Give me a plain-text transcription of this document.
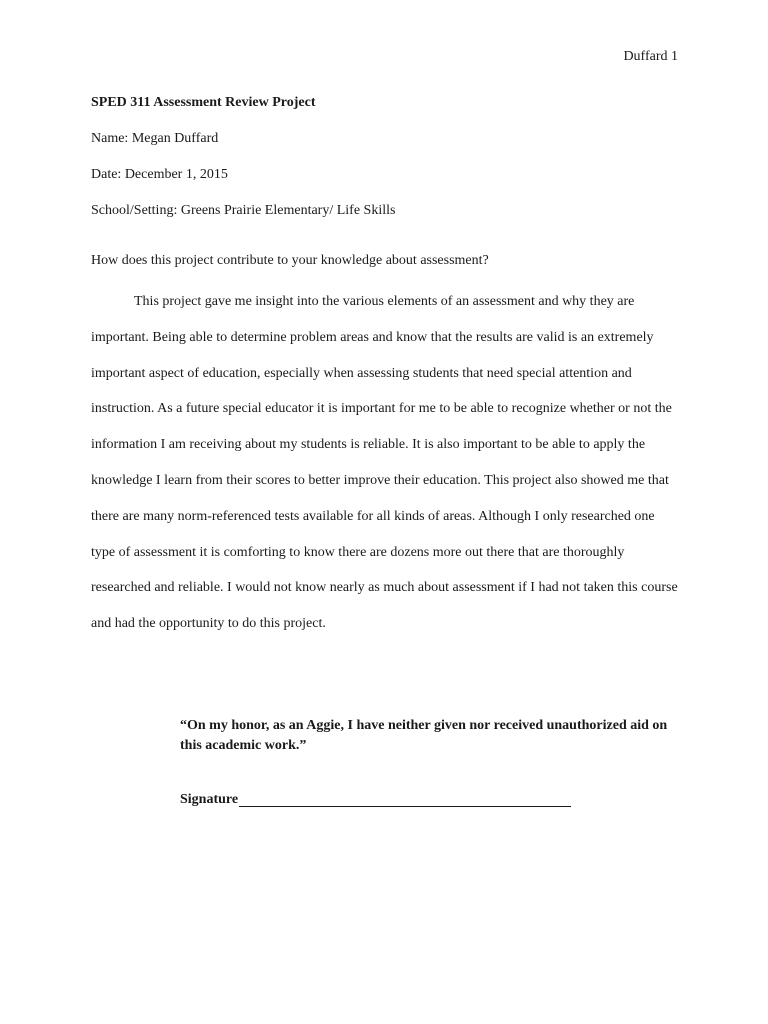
Duffard 1

SPED 311 Assessment Review Project

Name: Megan Duffard

Date: December 1, 2015

School/Setting: Greens Prairie Elementary/ Life Skills

How does this project contribute to your knowledge about assessment?

This project gave me insight into the various elements of an assessment and why they are important. Being able to determine problem areas and know that the results are valid is an extremely important aspect of education, especially when assessing students that need special attention and instruction. As a future special educator it is important for me to be able to recognize whether or not the information I am receiving about my students is reliable. It is also important to be able to apply the knowledge I learn from their scores to better improve their education. This project also showed me that there are many norm-referenced tests available for all kinds of areas. Although I only researched one type of assessment it is comforting to know there are dozens more out there that are thoroughly researched and reliable. I would not know nearly as much about assessment if I had not taken this course and had the opportunity to do this project.

“On my honor, as an Aggie, I have neither given nor received unauthorized aid on this academic work.”

Signature
